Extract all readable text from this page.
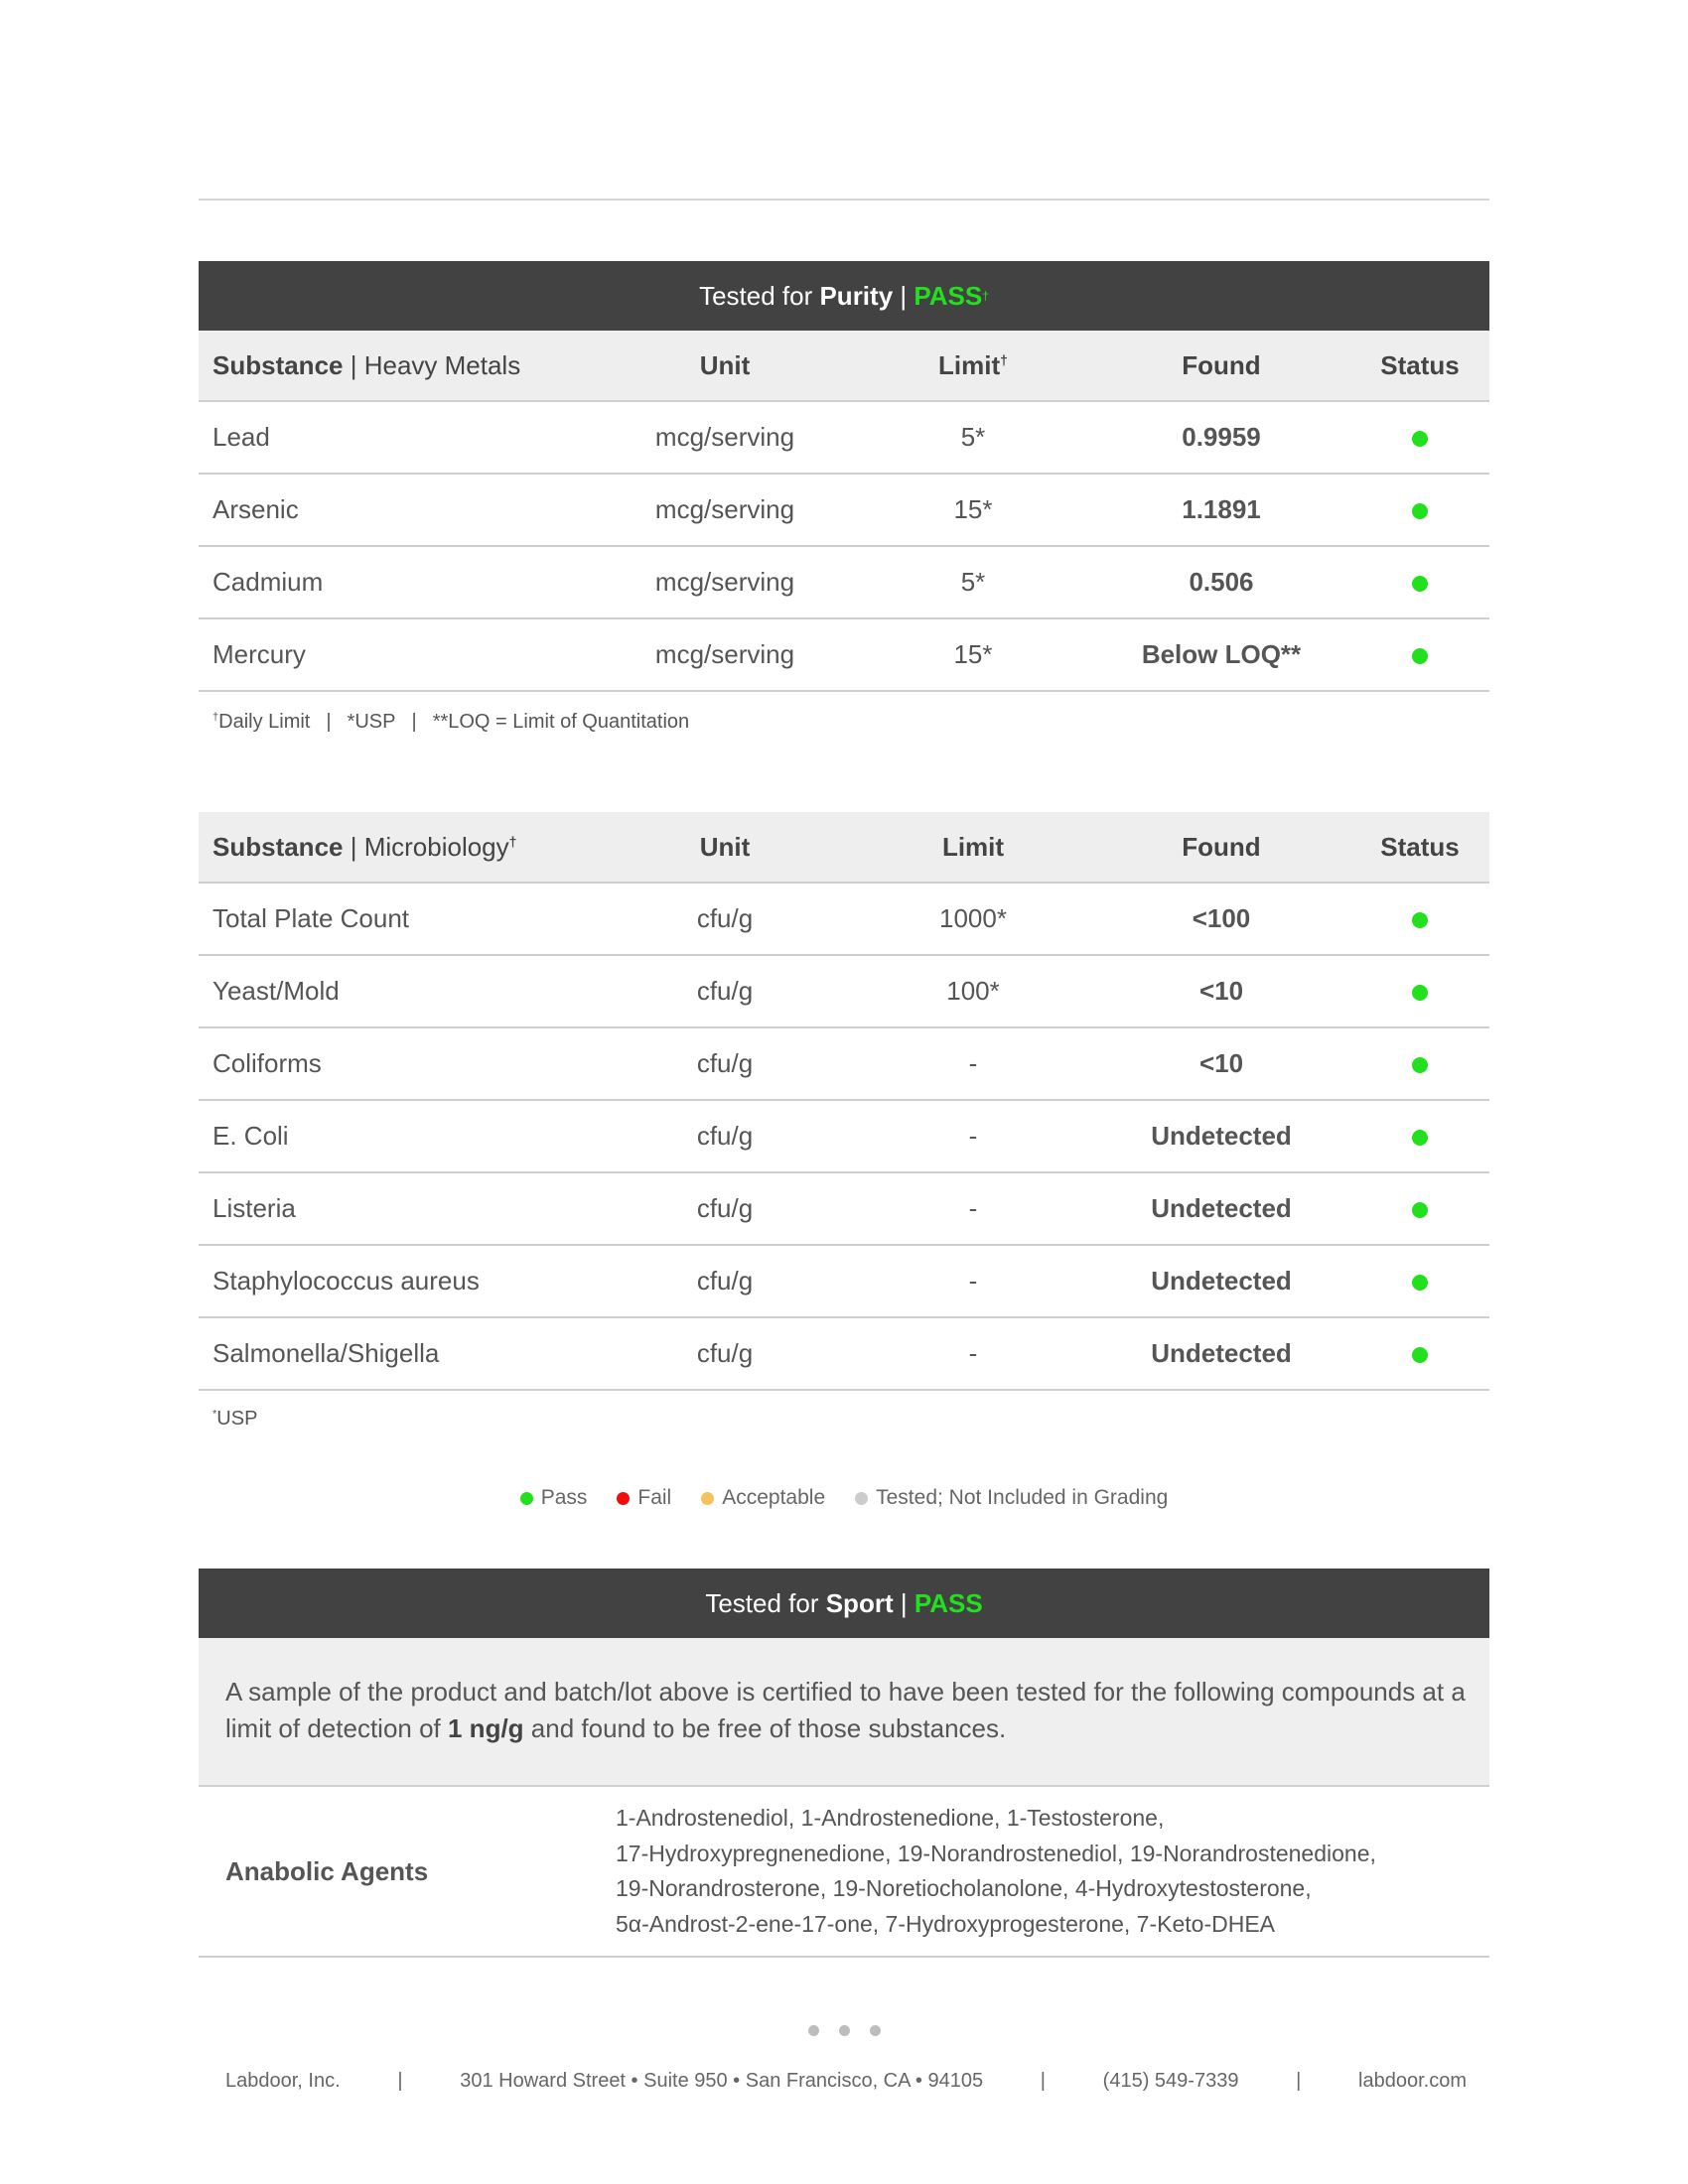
Tested for Purity | PASS †
Substance | Heavy Metals	Unit	Limit†	Found	Status
Lead	mcg/serving	5*	0.9959	
Arsenic	mcg/serving	15*	1.1891	
Cadmium	mcg/serving	5*	0.506	
Mercury	mcg/serving	15*	Below LOQ**	
†Daily Limit | *USP | **LOQ = Limit of Quantitation
Substance | Microbiology†	Unit	Limit	Found	Status
Total Plate Count	cfu/g	1000*	<100	
Yeast/Mold	cfu/g	100*	<10	
Coliforms	cfu/g	-	<10	
E. Coli	cfu/g	-	Undetected	
Listeria	cfu/g	-	Undetected	
Staphylococcus aureus	cfu/g	-	Undetected	
Salmonella/Shigella	cfu/g	-	Undetected	
*USP
Pass Fail Acceptable Tested; Not Included in Grading
Tested for Sport | PASS
A sample of the product and batch/lot above is certified to have been tested for the following compounds at a limit of detection of 1 ng/g and found to be free of those substances.
Anabolic Agents
1-Androstenediol, 1-Androstenedione, 1-Testosterone,
17-Hydroxypregnenedione, 19-Norandrostenediol, 19-Norandrostenedione,
19-Norandrosterone, 19-Noretiocholanolone, 4-Hydroxytestosterone,
5α-Androst-2-ene-17-one, 7-Hydroxyprogesterone, 7-Keto-DHEA
Labdoor, Inc.	|	301 Howard Street • Suite 950 • San Francisco, CA • 94105	|	(415) 549-7339	|	labdoor.com
